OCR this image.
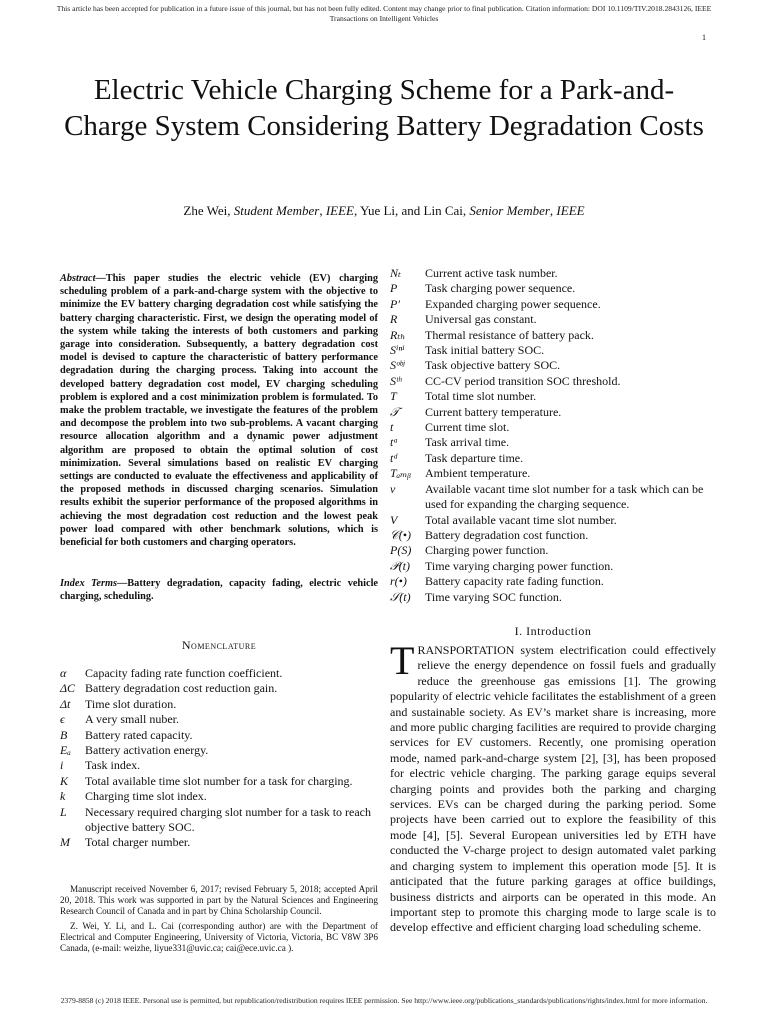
This article has been accepted for publication in a future issue of this journal, but has not been fully edited. Content may change prior to final publication. Citation information: DOI 10.1109/TIV.2018.2843126, IEEE
Transactions on Intelligent Vehicles
1
Electric Vehicle Charging Scheme for a Park-and-Charge System Considering Battery Degradation Costs
Zhe Wei, Student Member, IEEE, Yue Li, and Lin Cai, Senior Member, IEEE
Abstract—This paper studies the electric vehicle (EV) charging scheduling problem of a park-and-charge system with the objective to minimize the EV battery charging degradation cost while satisfying the battery charging characteristic. First, we design the operating model of the system while taking the interests of both customers and parking garage into consideration. Subsequently, a battery degradation cost model is devised to capture the characteristic of battery performance degradation during the charging process. Taking into account the developed battery degradation cost model, EV charging scheduling problem is explored and a cost minimization problem is formulated. To make the problem tractable, we investigate the features of the problem and decompose the problem into two sub-problems. A vacant charging resource allocation algorithm and a dynamic power adjustment algorithm are proposed to obtain the optimal solution of cost minimization. Several simulations based on realistic EV charging settings are conducted to evaluate the effectiveness and applicability of the proposed methods in discussed charging scenarios. Simulation results exhibit the superior performance of the proposed algorithms in achieving the most degradation cost reduction and the lowest peak power load compared with other benchmark solutions, which is beneficial for both customers and charging operators.
Index Terms—Battery degradation, capacity fading, electric vehicle charging, scheduling.
Nomenclature
α	Capacity fading rate function coefficient.
ΔC Battery degradation cost reduction gain.
Δt	Time slot duration.
ϵ	A very small nuber.
B	Battery rated capacity.
Eₐ	Battery activation energy.
i	Task index.
K	Total available time slot number for a task for charging.
k	Charging time slot index.
L	Necessary required charging slot number for a task to reach objective battery SOC.
M	Total charger number.
Nₜ	Current active task number.
P	Task charging power sequence.
P′	Expanded charging power sequence.
R	Universal gas constant.
Rₜₕ	Thermal resistance of battery pack.
Sⁱⁿⁱ	Task initial battery SOC.
Sᵒᵇʲ	Task objective battery SOC.
Sᵗʰ	CC-CV period transition SOC threshold.
T	Total time slot number.
𝒯	Current battery temperature.
t	Current time slot.
tᵃ	Task arrival time.
tᵈ	Task departure time.
Tₐₘᵦ	Ambient temperature.
v	Available vacant time slot number for a task which can be used for expanding the charging sequence.
V	Total available vacant time slot number.
𝒞(•)	Battery degradation cost function.
P(S)	Charging power function.
𝒫(t)	Time varying charging power function.
r(•)	Battery capacity rate fading function.
𝒮(t)	Time varying SOC function.

Manuscript received November 6, 2017; revised February 5, 2018; accepted April 20, 2018. This work was supported in part by the Natural Sciences and Engineering Research Council of Canada and in part by China Scholarship Council.

Z. Wei, Y. Li, and L. Cai (corresponding author) are with the Department of Electrical and Computer Engineering, University of Victoria, Victoria, BC V8W 3P6 Canada, (e-mail: weizhe, liyue331@uvic.ca; cai@ece.uvic.ca ).

I. Introduction
TRANSPORTATION system electrification could effectively relieve the energy dependence on fossil fuels and gradually reduce the greenhouse gas emissions [1]. The growing popularity of electric vehicle facilitates the establishment of a green and sustainable society. As EV’s market share is increasing, more and more public charging facilities are required to provide charging services for EV customers. Recently, one promising operation mode, named park-and-charge system [2], [3], has been proposed for electric vehicle charging. The parking garage equips several charging points and provides both the parking and charging services. EVs can be charged during the parking period. Some projects have been carried out to explore the feasibility of this mode [4], [5]. Several European universities led by ETH have conducted the V-charge project to design automated valet parking and charging system to implement this operation mode [5]. It is anticipated that the future parking garages at office buildings, business districts and airports can be operated in this mode. An important step to promote this charging mode to large scale is to develop effective and efficient charging load scheduling scheme.
2379-8858 (c) 2018 IEEE. Personal use is permitted, but republication/redistribution requires IEEE permission. See http://www.ieee.org/publications_standards/publications/rights/index.html for more information.
